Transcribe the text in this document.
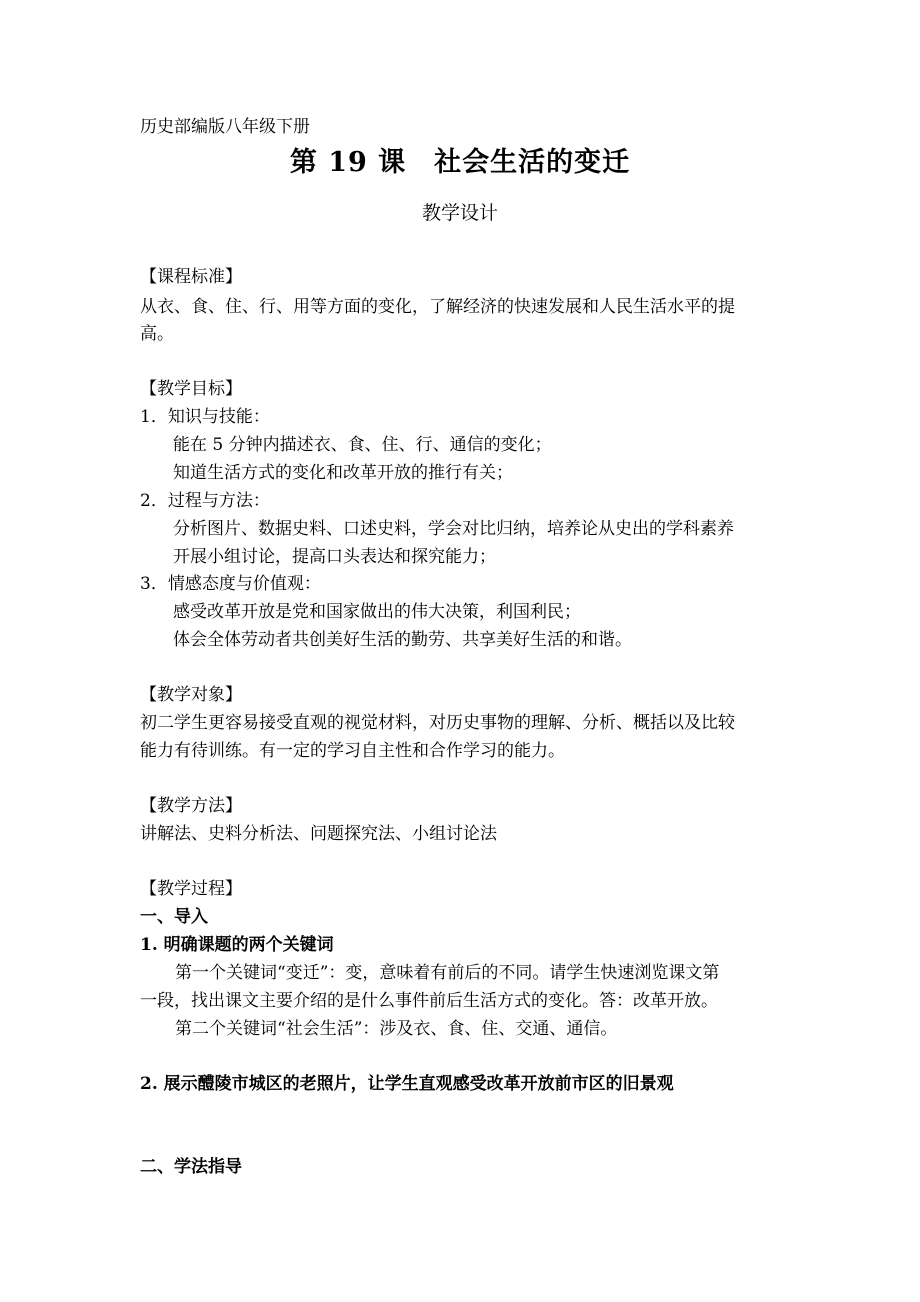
历史部编版八年级下册

第 19 课　社会生活的变迁

教学设计

【课程标准】

从衣、食、住、行、用等方面的变化，了解经济的快速发展和人民生活水平的提

高。

【教学目标】

1．知识与技能：

能在 5 分钟内描述衣、食、住、行、通信的变化；

知道生活方式的变化和改革开放的推行有关；

2．过程与方法：

分析图片、数据史料、口述史料，学会对比归纳，培养论从史出的学科素养

开展小组讨论，提高口头表达和探究能力；

3．情感态度与价值观：

感受改革开放是党和国家做出的伟大决策，利国利民；

体会全体劳动者共创美好生活的勤劳、共享美好生活的和谐。

【教学对象】

初二学生更容易接受直观的视觉材料，对历史事物的理解、分析、概括以及比较

能力有待训练。有一定的学习自主性和合作学习的能力。

【教学方法】

讲解法、史料分析法、问题探究法、小组讨论法

【教学过程】

一、导入

1. 明确课题的两个关键词

第一个关键词“变迁”：变，意味着有前后的不同。请学生快速浏览课文第

一段，找出课文主要介绍的是什么事件前后生活方式的变化。答：改革开放。

第二个关键词“社会生活”：涉及衣、食、住、交通、通信。

2. 展示醴陵市城区的老照片，让学生直观感受改革开放前市区的旧景观

二、学法指导
